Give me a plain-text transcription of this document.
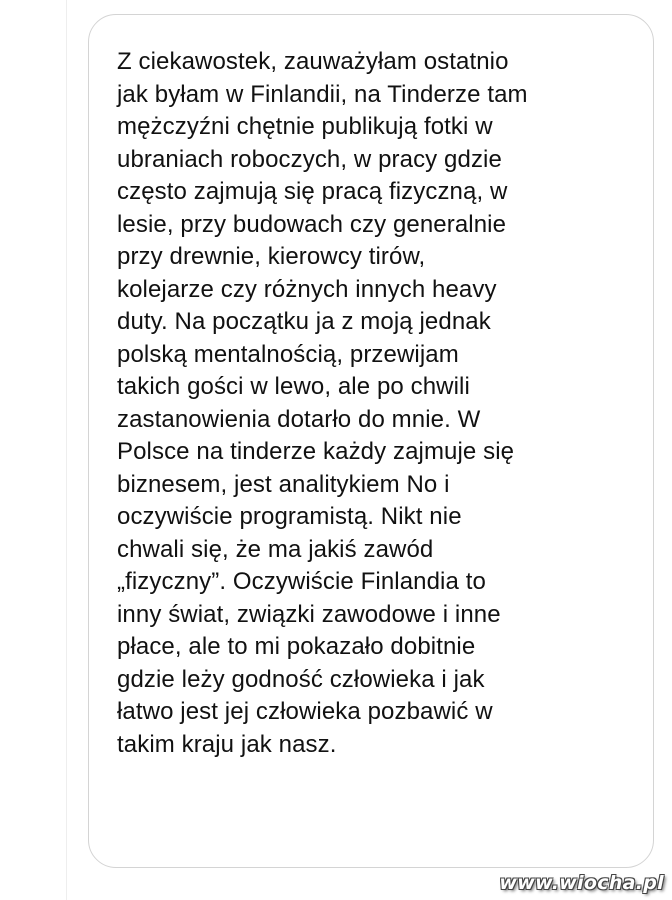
Z ciekawostek, zauważyłam ostatnio
jak byłam w Finlandii, na Tinderze tam
mężczyźni chętnie publikują fotki w
ubraniach roboczych, w pracy gdzie
często zajmują się pracą fizyczną, w
lesie, przy budowach czy generalnie
przy drewnie, kierowcy tirów,
kolejarze czy różnych innych heavy
duty. Na początku ja z moją jednak
polską mentalnością, przewijam
takich gości w lewo, ale po chwili
zastanowienia dotarło do mnie. W
Polsce na tinderze każdy zajmuje się
biznesem, jest analitykiem No i
oczywiście programistą. Nikt nie
chwali się, że ma jakiś zawód
„fizyczny”. Oczywiście Finlandia to
inny świat, związki zawodowe i inne
płace, ale to mi pokazało dobitnie
gdzie leży godność człowieka i jak
łatwo jest jej człowieka pozbawić w
takim kraju jak nasz.

www.wiocha.pl
